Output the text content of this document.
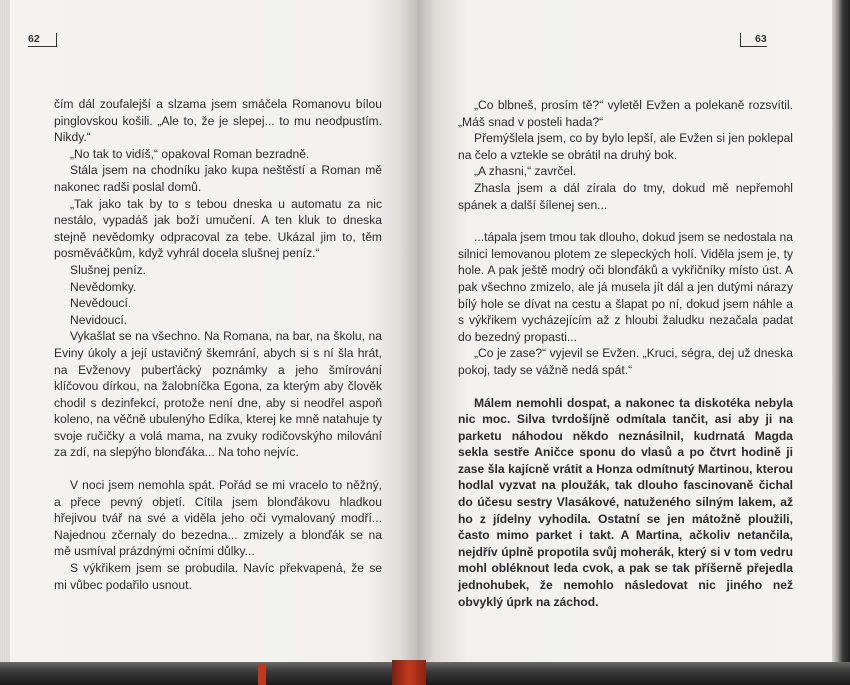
62

čím dál zoufalejší a slzama jsem smáčela Romanovu bílou pinglovskou košili. „Ale to, že je slepej... to mu neodpustím. Nikdy.“

„No tak to vidíš,“ opakoval Roman bezradně.

Stála jsem na chodníku jako kupa neštěstí a Roman mě nakonec radši poslal domů.

„Tak jako tak by to s tebou dneska u automatu za nic nestálo, vypadáš jak boží umučení. A ten kluk to dneska stejně nevědomky odpracoval za tebe. Ukázal jim to, těm posměváčkům, když vyhrál docela slušnej peníz.“

Slušnej peníz.

Nevědomky.

Nevědoucí.

Nevidoucí.

Vykašlat se na všechno. Na Romana, na bar, na školu, na Eviny úkoly a její ustavičný škemrání, abych si s ní šla hrát, na Evženovy puberťácký poznámky a jeho šmírování klíčovou dírkou, na žalobníčka Egona, za kterým aby člověk chodil s dezinfekcí, protože není dne, aby si neodřel aspoň koleno, na věčně ubulenýho Edíka, kterej ke mně natahuje ty svoje ručičky a volá mama, na zvuky rodičovskýho milování za zdí, na slepýho blonďáka... Na toho nejvíc.

V noci jsem nemohla spát. Pořád se mi vracelo to něžný, a přece pevný objetí. Cítila jsem blonďákovu hladkou hřejivou tvář na své a viděla jeho oči vymalovaný modří... Najednou zčernaly do bezedna... zmizely a blonďák se na mě usmíval prázdnými očními důlky...

S výkřikem jsem se probudila. Navíc překvapená, že se mi vůbec podařilo usnout.

63

„Co blbneš, prosím tě?“ vyletěl Evžen a polekaně rozsvítil. „Máš snad v posteli hada?“

Přemýšlela jsem, co by bylo lepší, ale Evžen si jen poklepal na čelo a vztekle se obrátil na druhý bok.

„A zhasni,“ zavrčel.

Zhasla jsem a dál zírala do tmy, dokud mě nepřemohl spánek a další šílenej sen...

...tápala jsem tmou tak dlouho, dokud jsem se nedostala na silnici lemovanou plotem ze slepeckých holí. Viděla jsem je, ty hole. A pak ještě modrý oči blonďáků a vykřičníky místo úst. A pak všechno zmizelo, ale já musela jít dál a jen dutými nárazy bílý hole se dívat na cestu a šlapat po ní, dokud jsem náhle a s výkřikem vycházejícím až z hloubi žaludku nezačala padat do bezedný propasti...

„Co je zase?“ vyjevil se Evžen. „Kruci, ségra, dej už dneska pokoj, tady se vážně nedá spát.“

Málem nemohli dospat, a nakonec ta diskotéka nebyla nic moc. Silva tvrdošíjně odmítala tančit, asi aby ji na parketu náhodou někdo neznásilnil, kudrnatá Magda sekla sestře Aničce sponu do vlasů a po čtvrt hodině ji zase šla kajícně vrátit a Honza odmítnutý Martinou, kterou hodlal vyzvat na ploužák, tak dlouho fascinovaně čichal do účesu sestry Vlasákové, natuženého silným lakem, až ho z jídelny vyhodila. Ostatní se jen mátožně ploužili, často mimo parket i takt. A Martina, ačkoliv netančila, nejdřív úplně propotila svůj moherák, který si v tom vedru mohl obléknout leda cvok, a pak se tak příšerně přejedla jednohubek, že nemohlo následovat nic jiného než obvyklý úprk na záchod.
